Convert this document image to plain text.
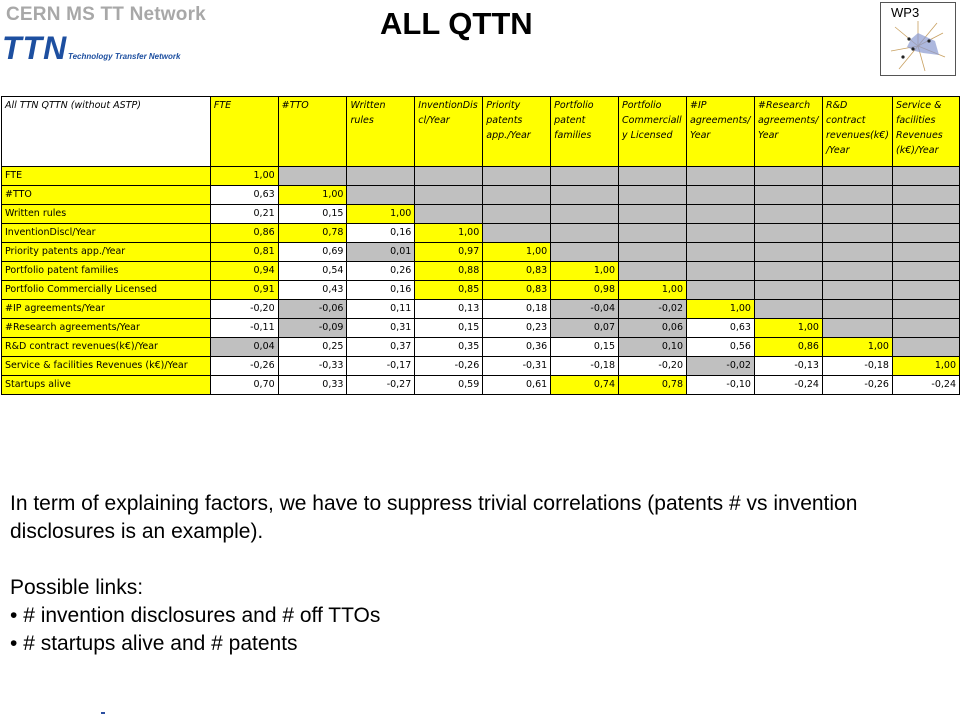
CERN MS TT Network
TTN Technology Transfer Network
ALL QTTN	WP3
All TTN QTTN (without ASTP)	FTE	#TTO	Written rules	InventionDis cl/Year	Priority patents app./Year	Portfolio patent families	Portfolio Commerciall y Licensed	#IP agreements/ Year	#Research agreements/ Year	R&D contract revenues(k€) /Year	Service & facilities Revenues (k€)/Year
FTE	1,00										
#TTO	0,63	1,00									
Written rules	0,21	0,15	1,00								
InventionDiscl/Year	0,86	0,78	0,16	1,00							
Priority patents app./Year	0,81	0,69	0,01	0,97	1,00						
Portfolio patent families	0,94	0,54	0,26	0,88	0,83	1,00					
Portfolio Commercially Licensed	0,91	0,43	0,16	0,85	0,83	0,98	1,00				
#IP agreements/Year	-0,20	-0,06	0,11	0,13	0,18	-0,04	-0,02	1,00			
#Research agreements/Year	-0,11	-0,09	0,31	0,15	0,23	0,07	0,06	0,63	1,00		
R&D contract revenues(k€)/Year	0,04	0,25	0,37	0,35	0,36	0,15	0,10	0,56	0,86	1,00	
Service & facilities Revenues (k€)/Year	-0,26	-0,33	-0,17	-0,26	-0,31	-0,18	-0,20	-0,02	-0,13	-0,18	1,00
Startups alive	0,70	0,33	-0,27	0,59	0,61	0,74	0,78	-0,10	-0,24	-0,26	-0,24

In term of explaining factors, we have to suppress trivial correlations (patents # vs invention disclosures is an example).

Possible links:

• # invention disclosures and # off TTOs

• # startups alive and # patents
